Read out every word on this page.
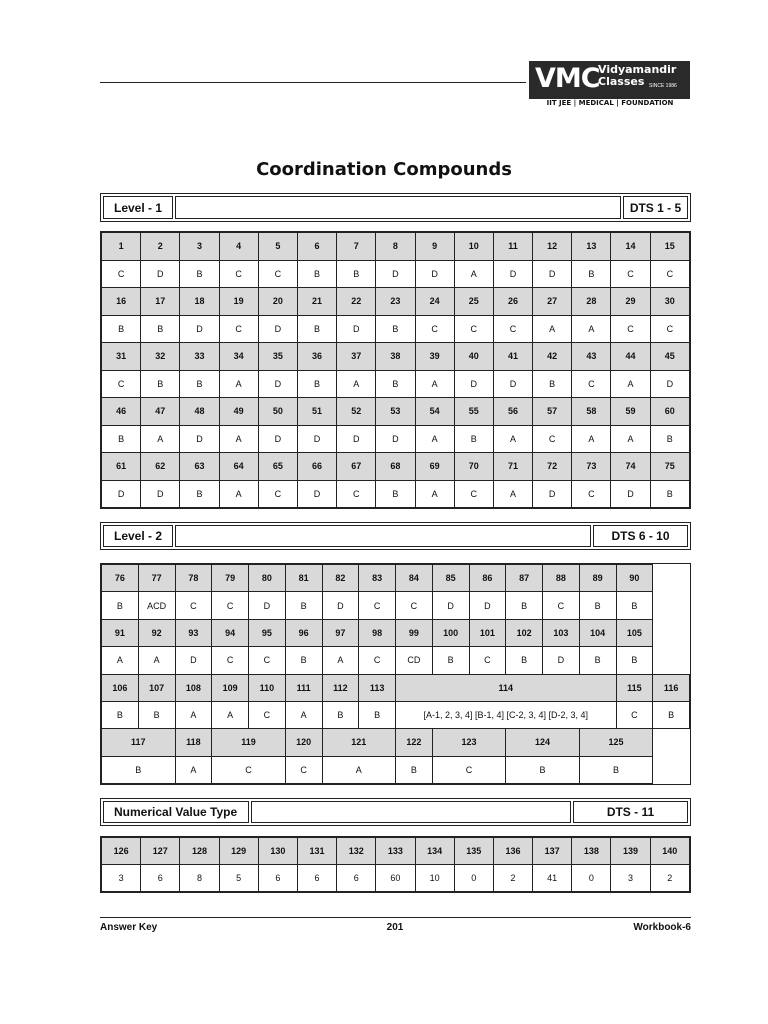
VMC
Vidyamandir
Classes SINCE 1986
IIT JEE | MEDICAL | FOUNDATION
Coordination Compounds
Level - 1	DTS 1 - 5
1	2	3	4	5	6	7	8	9	10	11	12	13	14	15
C	D	B	C	C	B	B	D	D	A	D	D	B	C	C
16	17	18	19	20	21	22	23	24	25	26	27	28	29	30
B	B	D	C	D	B	D	B	C	C	C	A	A	C	C
31	32	33	34	35	36	37	38	39	40	41	42	43	44	45
C	B	B	A	D	B	A	B	A	D	D	B	C	A	D
46	47	48	49	50	51	52	53	54	55	56	57	58	59	60
B	A	D	A	D	D	D	D	A	B	A	C	A	A	B
61	62	63	64	65	66	67	68	69	70	71	72	73	74	75
D	D	B	A	C	D	C	B	A	C	A	D	C	D	B
Level - 2	DTS 6 - 10
76	77	78	79	80	81	82	83	84	85	86	87	88	89	90	
B	ACD	C	C	D	B	D	C	C	D	D	B	C	B	B	
91	92	93	94	95	96	97	98	99	100	101	102	103	104	105	
A	A	D	C	C	B	A	C	CD	B	C	B	D	B	B	
106	107	108	109	110	111	112	113	114						115	116
B	B	A	A	C	A	B	B	[A-1, 2, 3, 4] [B-1, 4] [C-2, 3, 4] [D-2, 3, 4]						C	B
117		118	119		120	121		122	123		124		125		
B		A	C		C	A		B	C		B		B		
Numerical Value Type	DTS - 11
126	127	128	129	130	131	132	133	134	135	136	137	138	139	140
3	6	8	5	6	6	6	60	10	0	2	41	0	3	2
Answer Key	201	Workbook-6
